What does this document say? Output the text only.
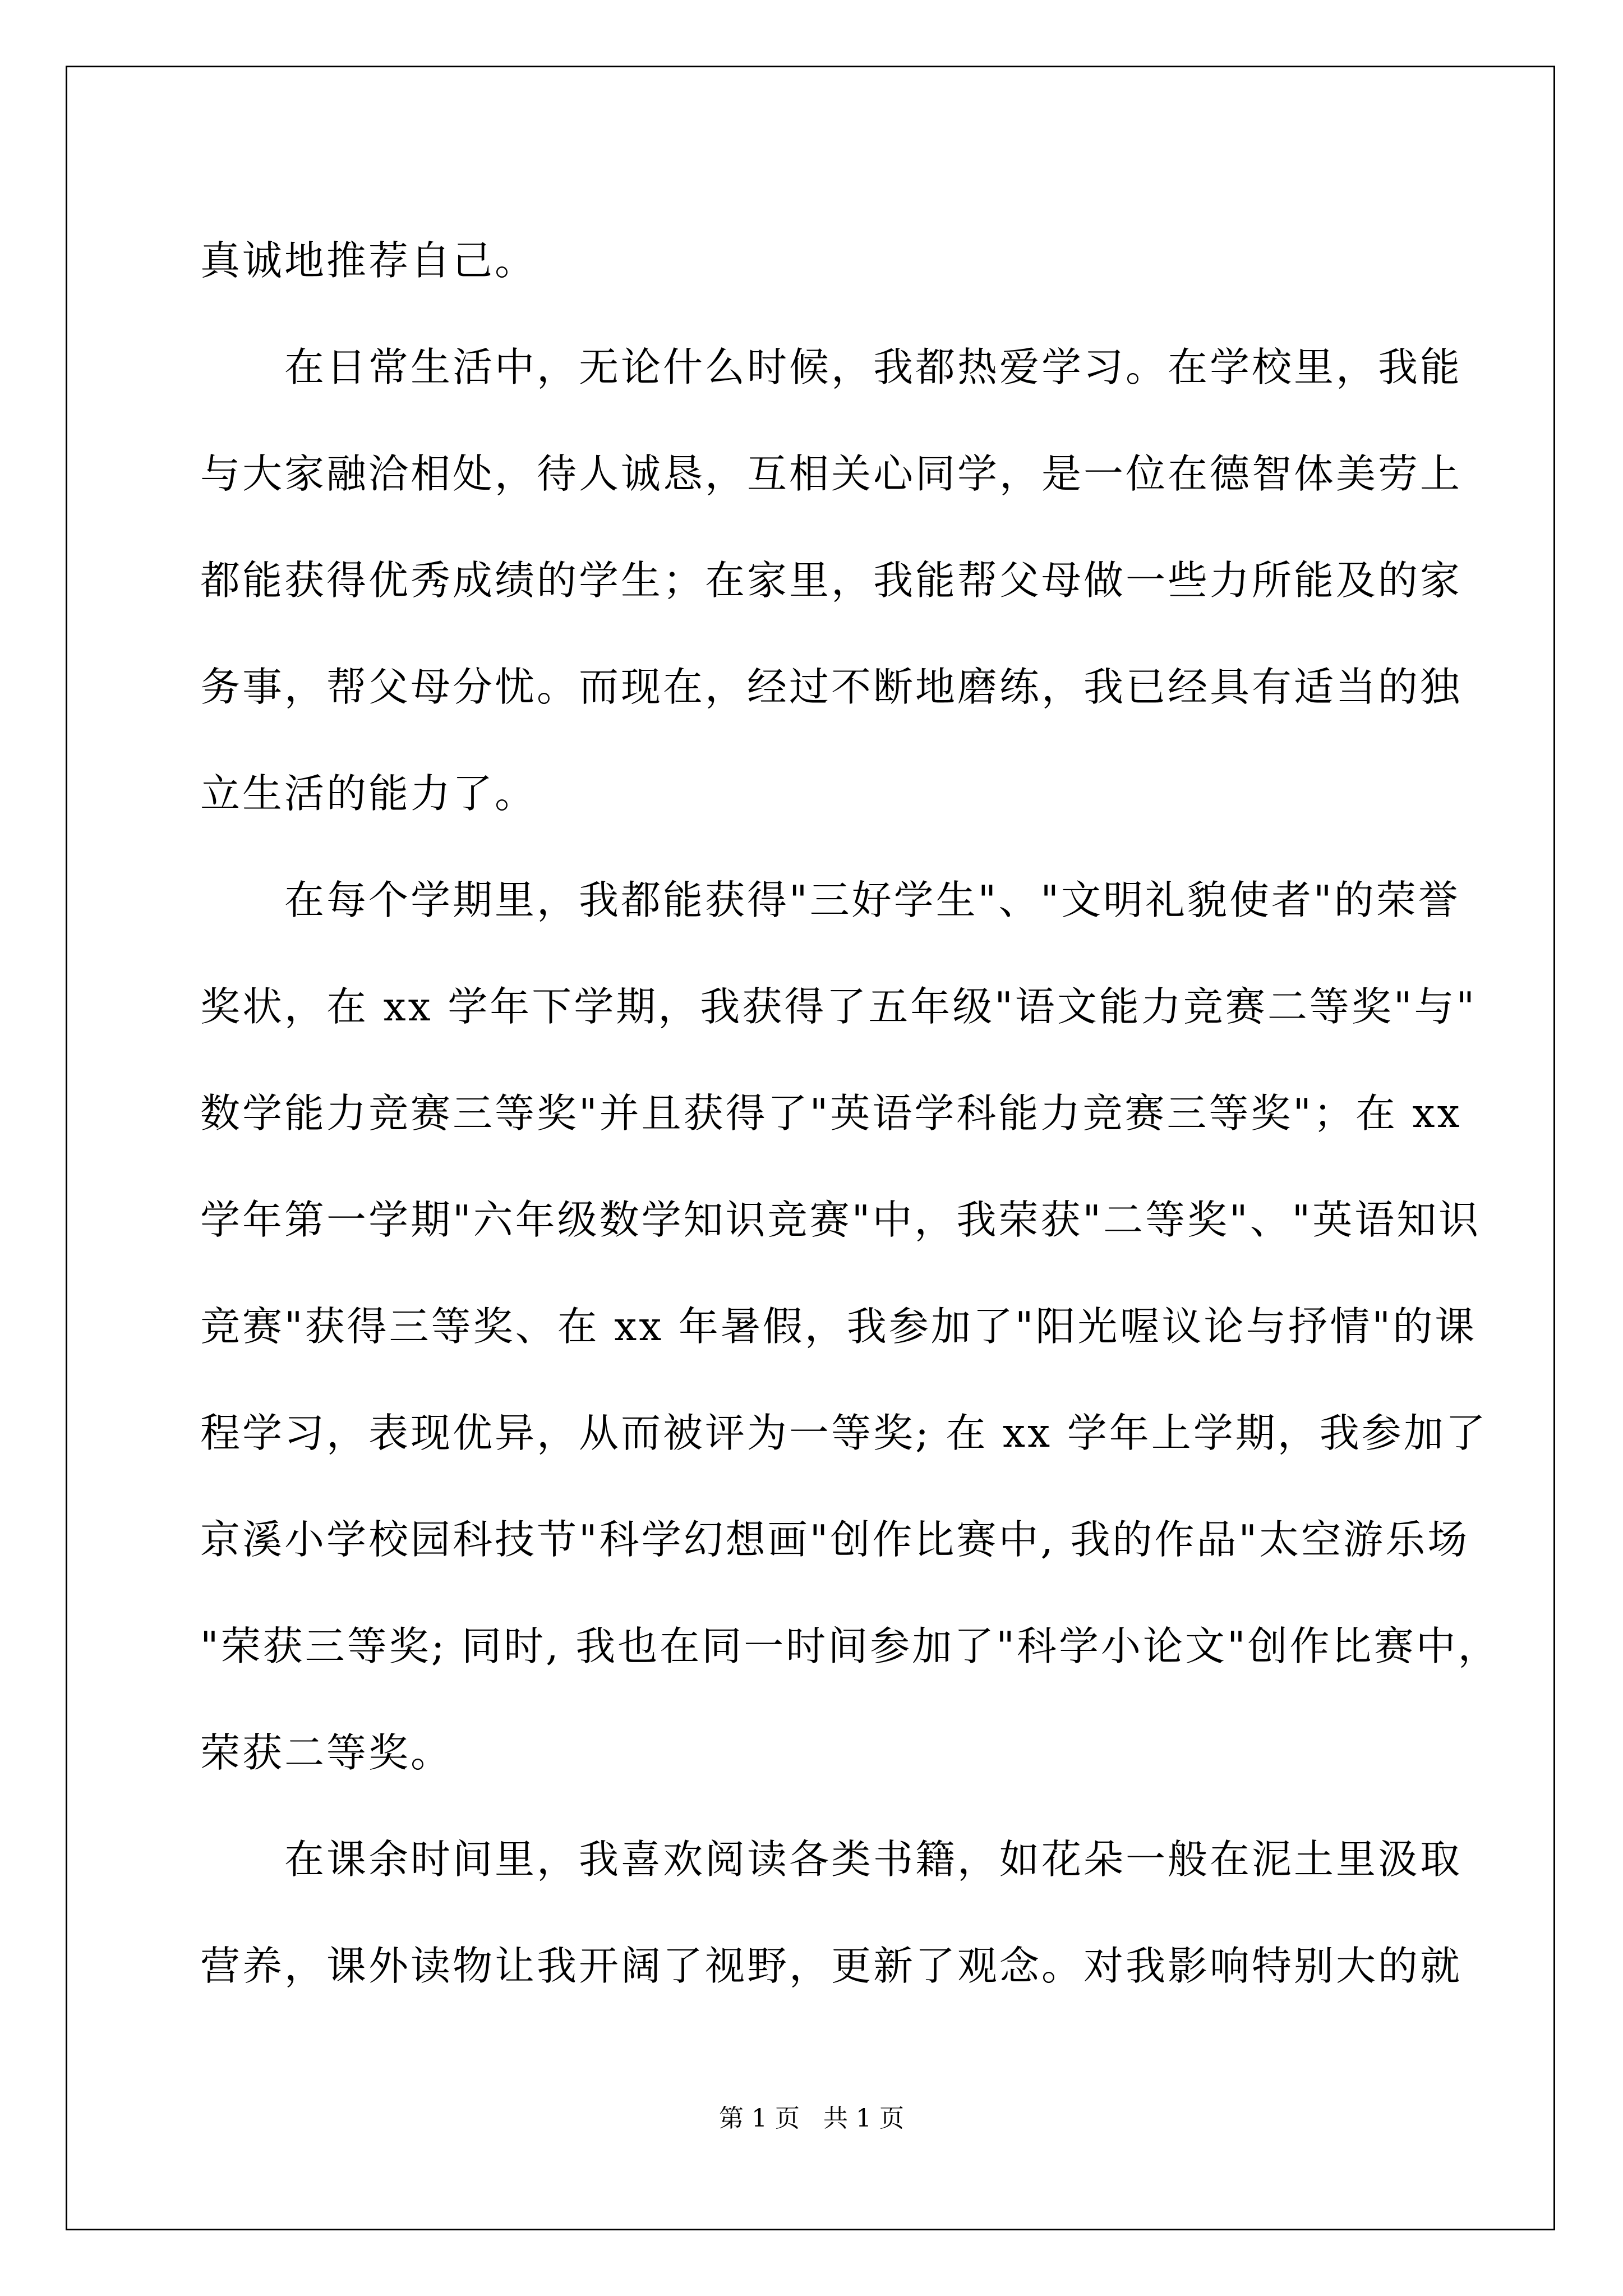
真诚地推荐自己。
在日常生活中，无论什么时候，我都热爱学习。在学校里，我能
与大家融洽相处，待人诚恳，互相关心同学，是一位在德智体美劳上
都能获得优秀成绩的学生；在家里，我能帮父母做一些力所能及的家
务事，帮父母分忧。而现在，经过不断地磨练，我已经具有适当的独
立生活的能力了。
在每个学期里，我都能获得"三好学生"、"文明礼貌使者"的荣誉
奖状，在 xx 学年下学期，我获得了五年级"语文能力竞赛二等奖"与"
数学能力竞赛三等奖"并且获得了"英语学科能力竞赛三等奖"；在 xx
学年第一学期"六年级数学知识竞赛"中，我荣获"二等奖"、"英语知识
竞赛"获得三等奖、在 xx 年暑假，我参加了"阳光喔议论与抒情"的课
程学习，表现优异，从而被评为一等奖; 在 xx 学年上学期，我参加了
京溪小学校园科技节"科学幻想画"创作比赛中, 我的作品"太空游乐场
"荣获三等奖; 同时, 我也在同一时间参加了"科学小论文"创作比赛中，
荣获二等奖。
在课余时间里，我喜欢阅读各类书籍，如花朵一般在泥土里汲取
营养，课外读物让我开阔了视野，更新了观念。对我影响特别大的就
第 1 页   共 1 页
